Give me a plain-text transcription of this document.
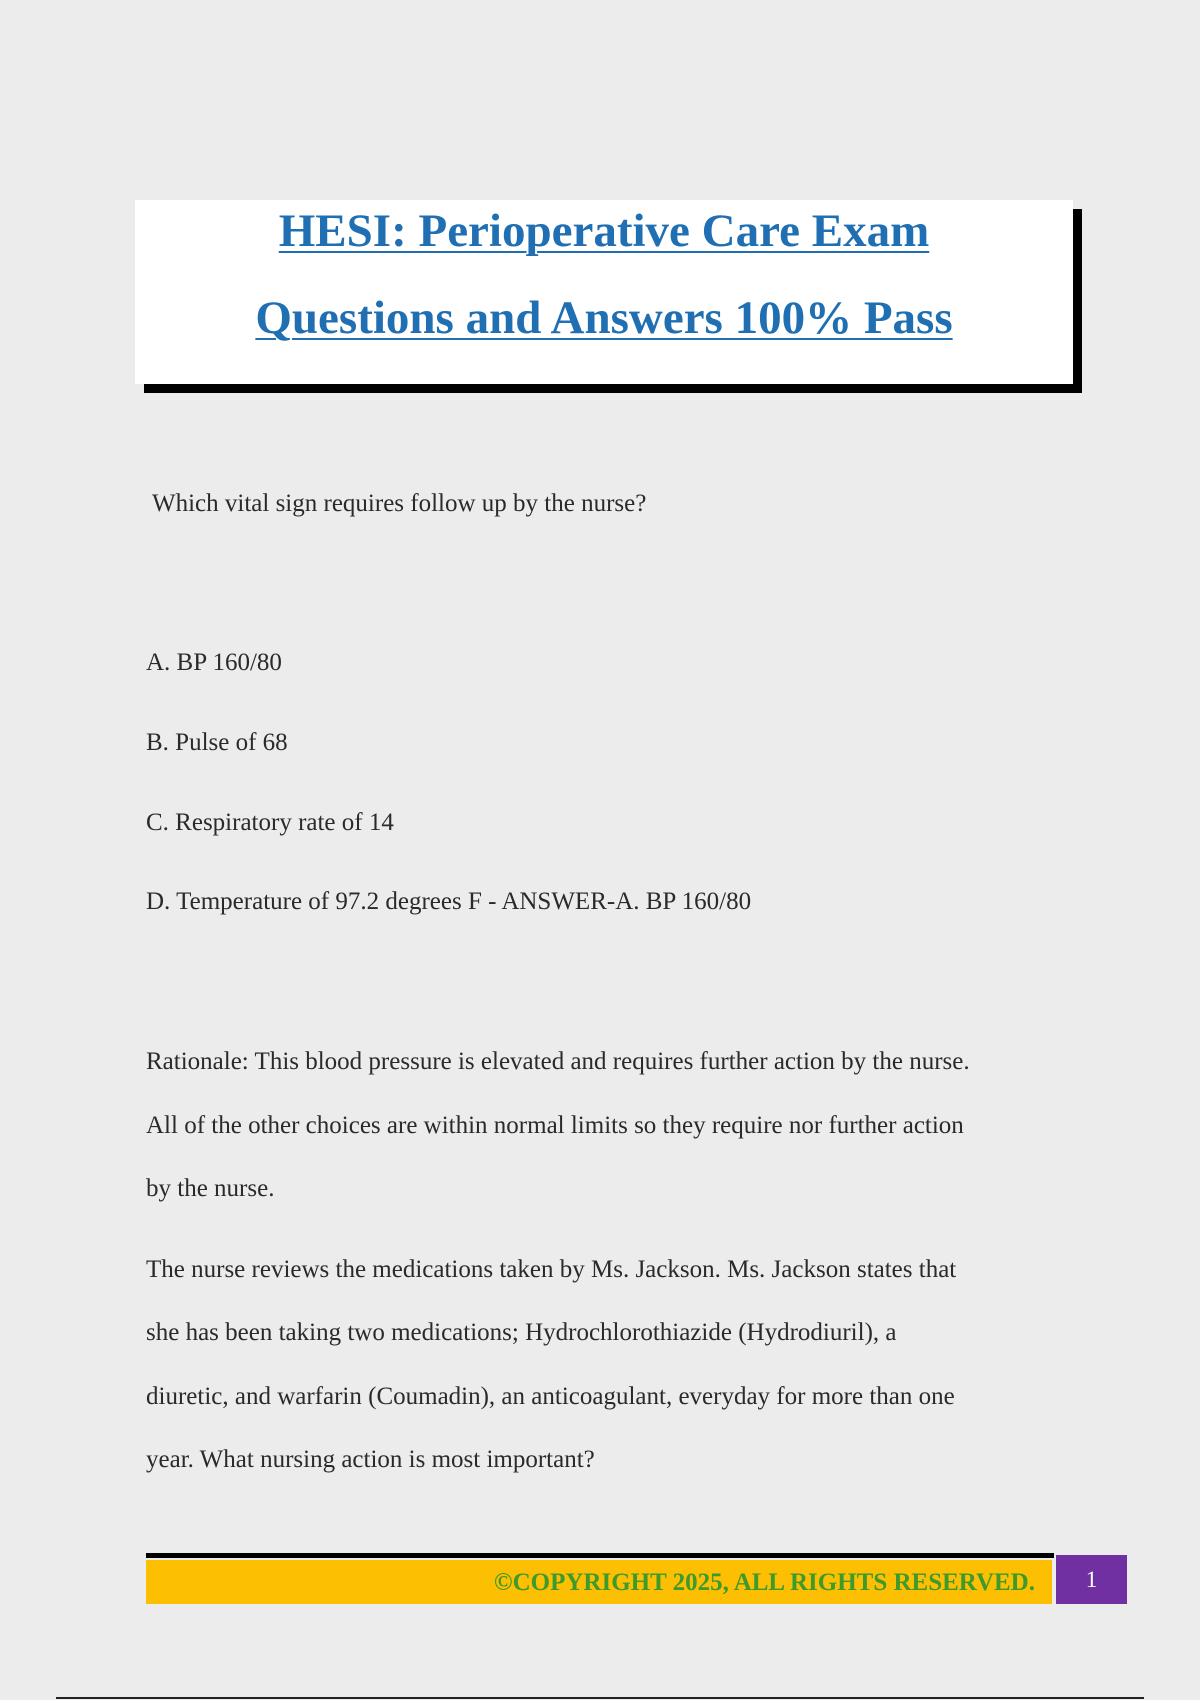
HESI: Perioperative Care Exam
Questions and Answers 100% Pass
Which vital sign requires follow up by the nurse?
A. BP 160/80
B. Pulse of 68
C. Respiratory rate of 14
D. Temperature of 97.2 degrees F - ANSWER-A. BP 160/80
Rationale: This blood pressure is elevated and requires further action by the nurse.
All of the other choices are within normal limits so they require nor further action
by the nurse.
The nurse reviews the medications taken by Ms. Jackson. Ms. Jackson states that
she has been taking two medications; Hydrochlorothiazide (Hydrodiuril), a
diuretic, and warfarin (Coumadin), an anticoagulant, everyday for more than one
year. What nursing action is most important?
©COPYRIGHT 2025, ALL RIGHTS RESERVED.	1
